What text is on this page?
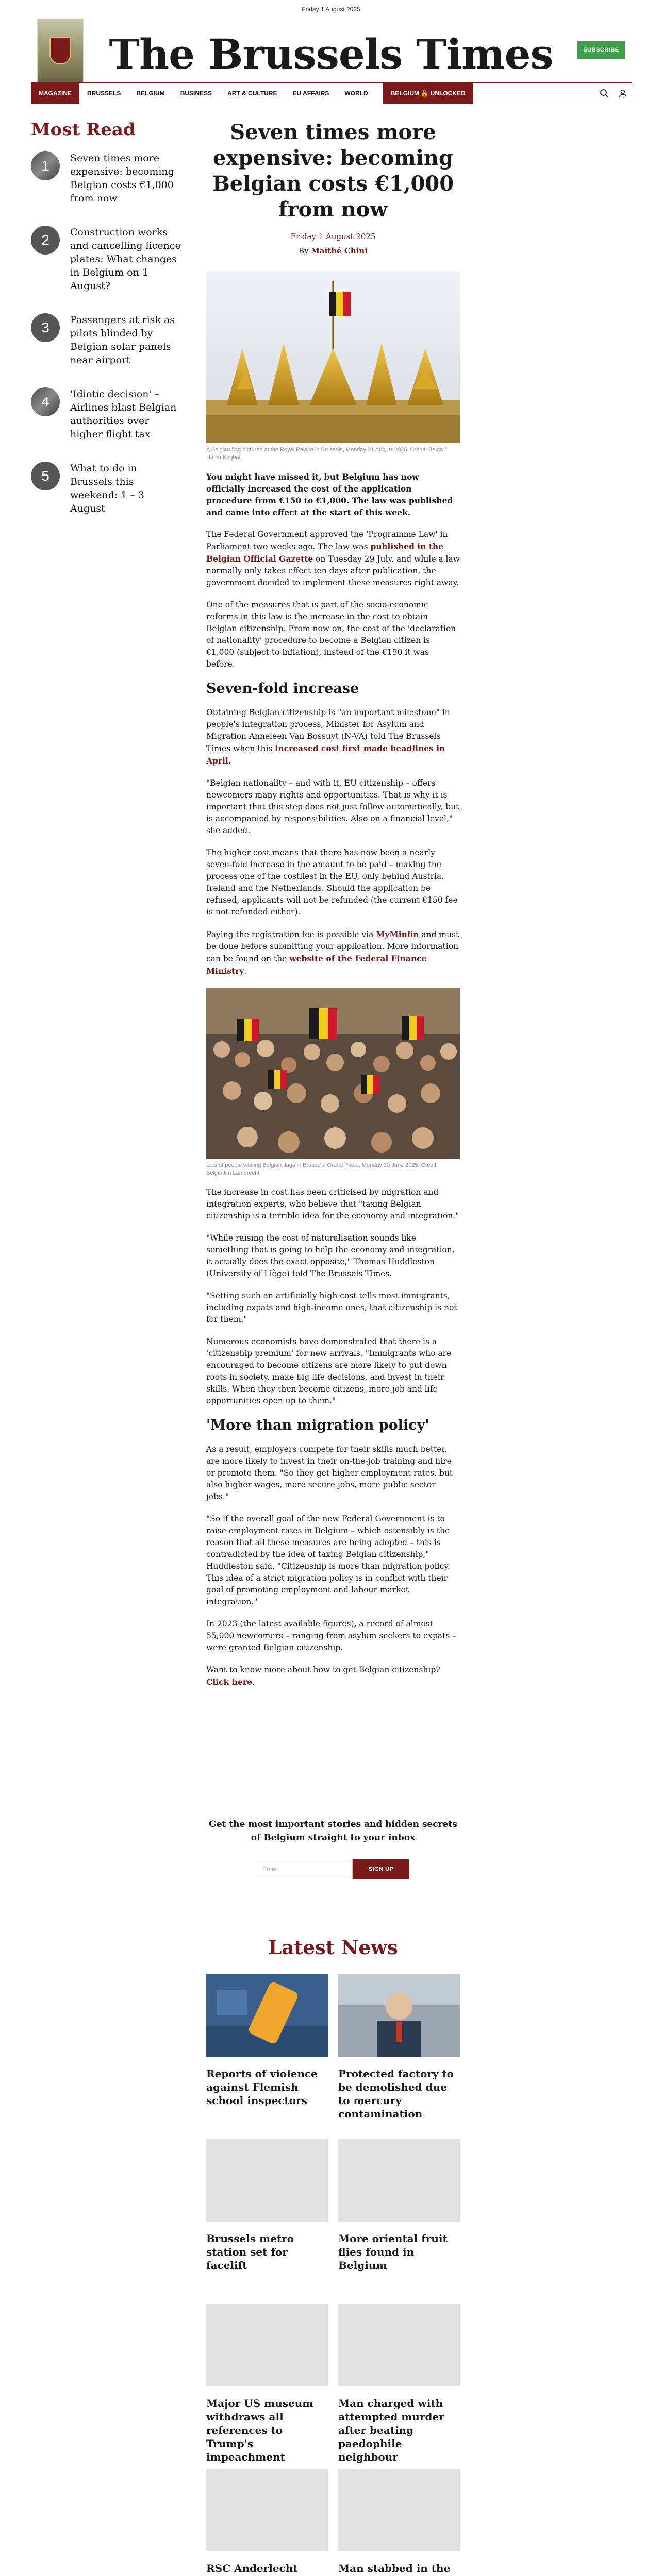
Friday 1 August 2025
The Brussels Times	SUBSCRIBE
MAGAZINE	BRUSSELS	BELGIUM	BUSINESS	ART & CULTURE	EU AFFAIRS	WORLD	BELGIUM 🔓 UNLOCKED
Most Read
1 Seven times more expensive: becoming Belgian costs €1,000 from now
2	Construction works and cancelling licence plates: What changes in Belgium on 1 August?
3	Passengers at risk as pilots blinded by Belgian solar panels near airport
4 'Idiotic decision' – Airlines blast Belgian authorities over higher flight tax
5	What to do in Brussels this weekend: 1 – 3 August
Seven times more expensive: becoming Belgian costs €1,000 from now
Friday 1 August 2025
By Maïthé Chini
A Belgian flag pictured at the Royal Palace in Brussels, Monday 21 August 2025. Credit: Belga / Hatim Kaghat

You might have missed it, but Belgium has now officially increased the cost of the application procedure from €150 to €1,000. The law was published and came into effect at the start of this week.

The Federal Government approved the 'Programme Law' in Parliament two weeks ago. The law was published in the Belgian Official Gazette on Tuesday 29 July, and while a law normally only takes effect ten days after publication, the government decided to implement these measures right away.

One of the measures that is part of the socio-economic reforms in this law is the increase in the cost to obtain Belgian citizenship. From now on, the cost of the 'declaration of nationality' procedure to become a Belgian citizen is €1,000 (subject to inflation), instead of the €150 it was before.

Seven-fold increase

Obtaining Belgian citizenship is "an important milestone" in people's integration process, Minister for Asylum and Migration Anneleen Van Bossuyt (N-VA) told The Brussels Times when this increased cost first made headlines in April.

"Belgian nationality – and with it, EU citizenship – offers newcomers many rights and opportunities. That is why it is important that this step does not just follow automatically, but is accompanied by responsibilities. Also on a financial level," she added.

The higher cost means that there has now been a nearly seven-fold increase in the amount to be paid – making the process one of the costliest in the EU, only behind Austria, Ireland and the Netherlands. Should the application be refused, applicants will not be refunded (the current €150 fee is not refunded either).

Paying the registration fee is possible via MyMinfin and must be done before submitting your application. More information can be found on the website of the Federal Finance Ministry.

Lots of people waving Belgian flags in Brussels' Grand Place, Monday 30 June 2025. Credit: Belga/Jim Lambrecht

The increase in cost has been criticised by migration and integration experts, who believe that "taxing Belgian citizenship is a terrible idea for the economy and integration."

"While raising the cost of naturalisation sounds like something that is going to help the economy and integration, it actually does the exact opposite," Thomas Huddleston (University of Liège) told The Brussels Times.

"Setting such an artificially high cost tells most immigrants, including expats and high-income ones, that citizenship is not for them."

Numerous economists have demonstrated that there is a 'citizenship premium' for new arrivals. "Immigrants who are encouraged to become citizens are more likely to put down roots in society, make big life decisions, and invest in their skills. When they then become citizens, more job and life opportunities open up to them."

'More than migration policy'

As a result, employers compete for their skills much better, are more likely to invest in their on-the-job training and hire or promote them. "So they get higher employment rates, but also higher wages, more secure jobs, more public sector jobs."

"So if the overall goal of the new Federal Government is to raise employment rates in Belgium – which ostensibly is the reason that all these measures are being adopted – this is contradicted by the idea of taxing Belgian citizenship," Huddleston said. "Citizenship is more than migration policy. This idea of a strict migration policy is in conflict with their goal of promoting employment and labour market integration."

In 2023 (the latest available figures), a record of almost 55,000 newcomers – ranging from asylum seekers to expats – were granted Belgian citizenship.

Want to know more about how to get Belgian citizenship? Click here.

Get the most important stories and hidden secrets of Belgium straight to your inbox
Email	SIGN UP
Latest News
Reports of violence against Flemish school inspectors
Protected factory to be demolished due to mercury contamination
Brussels metro station set for facelift
More oriental fruit flies found in Belgium
Major US museum withdraws all references to Trump's impeachment
Man charged with attempted murder after beating paedophile neighbour
RSC Anderlecht	Man stabbed in the
